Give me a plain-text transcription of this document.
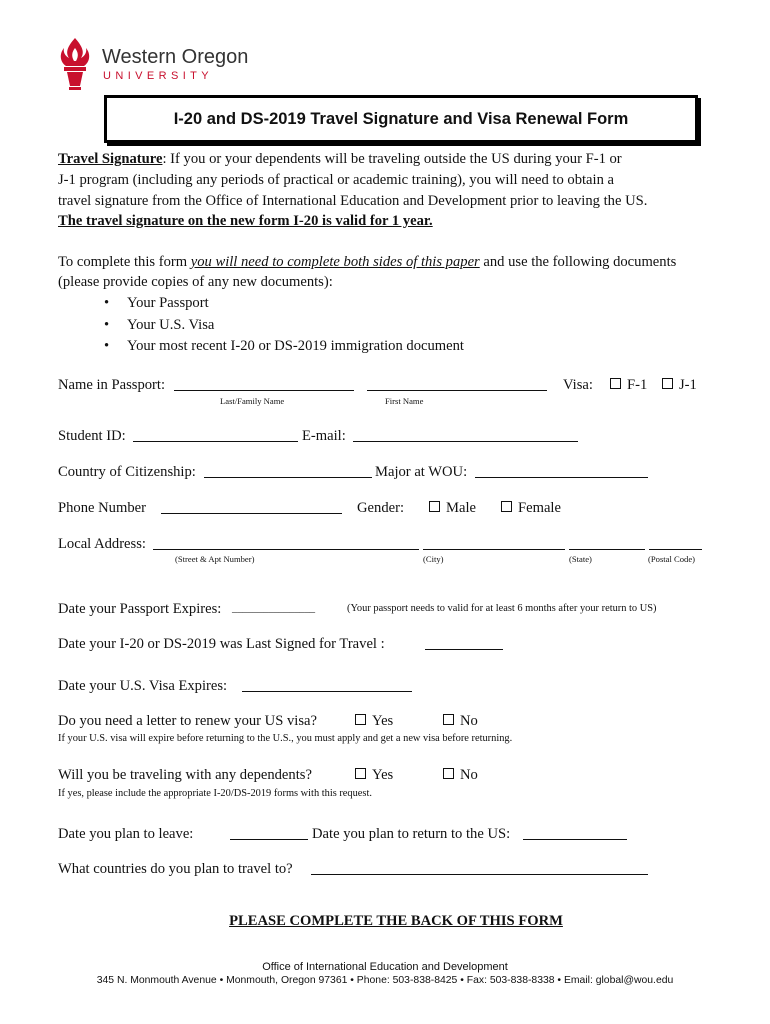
Western Oregon
UNIVERSITY
I-20 and DS-2019 Travel Signature and Visa Renewal Form
Travel Signature: If you or your dependents will be traveling outside the US during your F-1 or
J-1 program (including any periods of practical or academic training), you will need to obtain a
travel signature from the Office of International Education and Development prior to leaving the US.
The travel signature on the new form I-20 is valid for 1 year.
To complete this form you will need to complete both sides of this paper and use the following documents
(please provide copies of any new documents):
• Your Passport
• Your U.S. Visa
• Your most recent I-20 or DS-2019 immigration document
Name in Passport:
Last/Family Name	First Name
Visa:	F-1	J-1
Student ID:	E-mail:
Country of Citizenship:	Major at WOU:
Phone Number	Gender:	Male	Female
Local Address:
(Street & Apt Number)	(City)	(State)	(Postal Code)
Date your Passport Expires: ________________	(Your passport needs to valid for at least 6 months after your return to US)
Date your I-20 or DS-2019 was Last Signed for Travel :
Date your U.S. Visa Expires:
Do you need a letter to renew your US visa?	Yes	No
If your U.S. visa will expire before returning to the U.S., you must apply and get a new visa before returning.
Will you be traveling with any dependents?	Yes	No
If yes, please include the appropriate I-20/DS-2019 forms with this request.
Date you plan to leave:	Date you plan to return to the US:
What countries do you plan to travel to?
PLEASE COMPLETE THE BACK OF THIS FORM
Office of International Education and Development
345 N. Monmouth Avenue • Monmouth, Oregon 97361 • Phone: 503-838-8425 • Fax: 503-838-8338 • Email: global@wou.edu
